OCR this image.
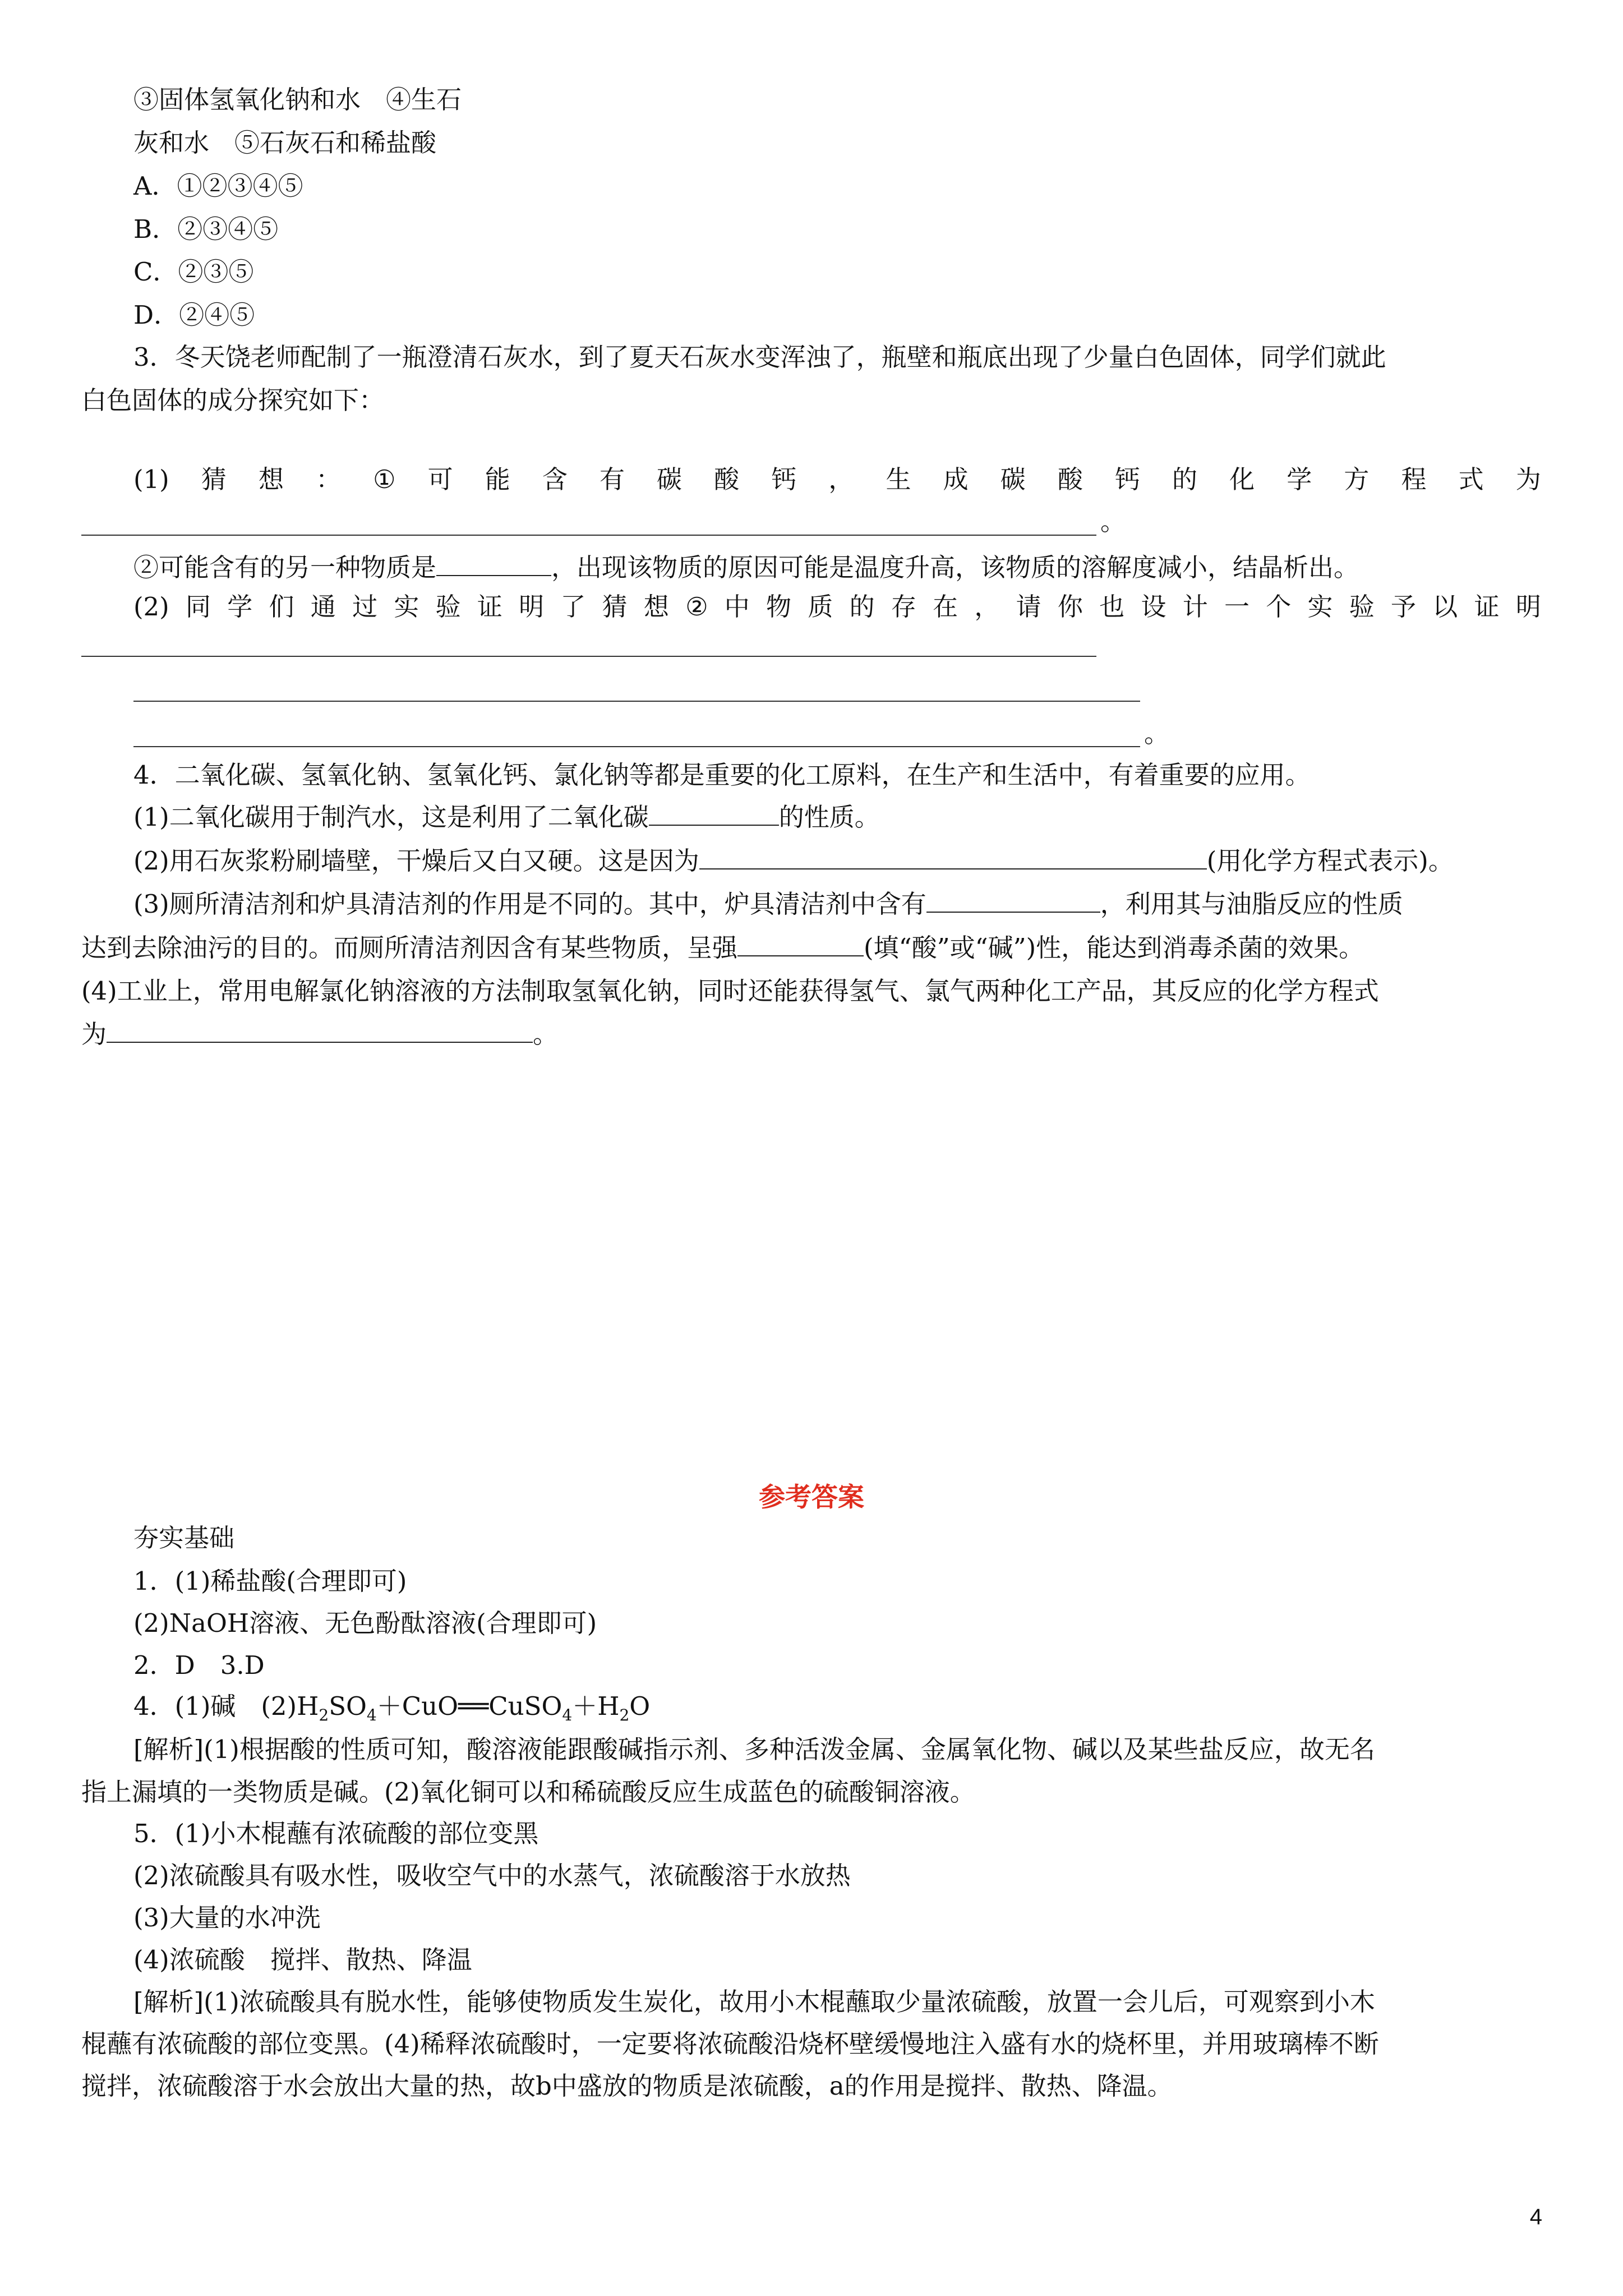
③固体氢氧化钠和水　④生石
灰和水　⑤石灰石和稀盐酸
A．①②③④⑤
B．②③④⑤
C．②③⑤
D．②④⑤
3．冬天饶老师配制了一瓶澄清石灰水，到了夏天石灰水变浑浊了，瓶壁和瓶底出现了少量白色固体，同学们就此
白色固体的成分探究如下：
(1) 猜 想 ： ① 可 能 含 有 碳 酸 钙 ， 生 成 碳 酸 钙 的 化 学 方 程 式 为
。
②可能含有的另一种物质是	，出现该物质的原因可能是温度升高，该物质的溶解度减小，结晶析出。
(2) 同 学 们 通 过 实 验 证 明 了 猜 想 ② 中 物 质 的 存 在 ， 请 你 也 设 计 一 个 实 验 予 以 证 明
。
4．二氧化碳、氢氧化钠、氢氧化钙、氯化钠等都是重要的化工原料，在生产和生活中，有着重要的应用。
(1)二氧化碳用于制汽水，这是利用了二氧化碳	的性质。
(2)用石灰浆粉刷墙壁，干燥后又白又硬。这是因为	(用化学方程式表示)。
(3)厕所清洁剂和炉具清洁剂的作用是不同的。其中，炉具清洁剂中含有	，利用其与油脂反应的性质
达到去除油污的目的。而厕所清洁剂因含有某些物质，呈强	(填“酸”或“碱”)性，能达到消毒杀菌的效果。
(4)工业上，常用电解氯化钠溶液的方法制取氢氧化钠，同时还能获得氢气、氯气两种化工产品，其反应的化学方程式
为	。
参考答案
夯实基础
1．(1)稀盐酸(合理即可)
(2)NaOH溶液、无色酚酞溶液(合理即可)
2．D　3.D
4．(1)碱　$(2)H_2SO_4+CuO══CuSO_4+H_2O$
[解析](1)根据酸的性质可知，酸溶液能跟酸碱指示剂、多种活泼金属、金属氧化物、碱以及某些盐反应，故无名
指上漏填的一类物质是碱。(2)氧化铜可以和稀硫酸反应生成蓝色的硫酸铜溶液。
5．(1)小木棍蘸有浓硫酸的部位变黑
(2)浓硫酸具有吸水性，吸收空气中的水蒸气，浓硫酸溶于水放热
(3)大量的水冲洗
(4)浓硫酸　搅拌、散热、降温
[解析](1)浓硫酸具有脱水性，能够使物质发生炭化，故用小木棍蘸取少量浓硫酸，放置一会儿后，可观察到小木
棍蘸有浓硫酸的部位变黑。(4)稀释浓硫酸时，一定要将浓硫酸沿烧杯壁缓慢地注入盛有水的烧杯里，并用玻璃棒不断
搅拌，浓硫酸溶于水会放出大量的热，故b中盛放的物质是浓硫酸，a的作用是搅拌、散热、降温。
4
